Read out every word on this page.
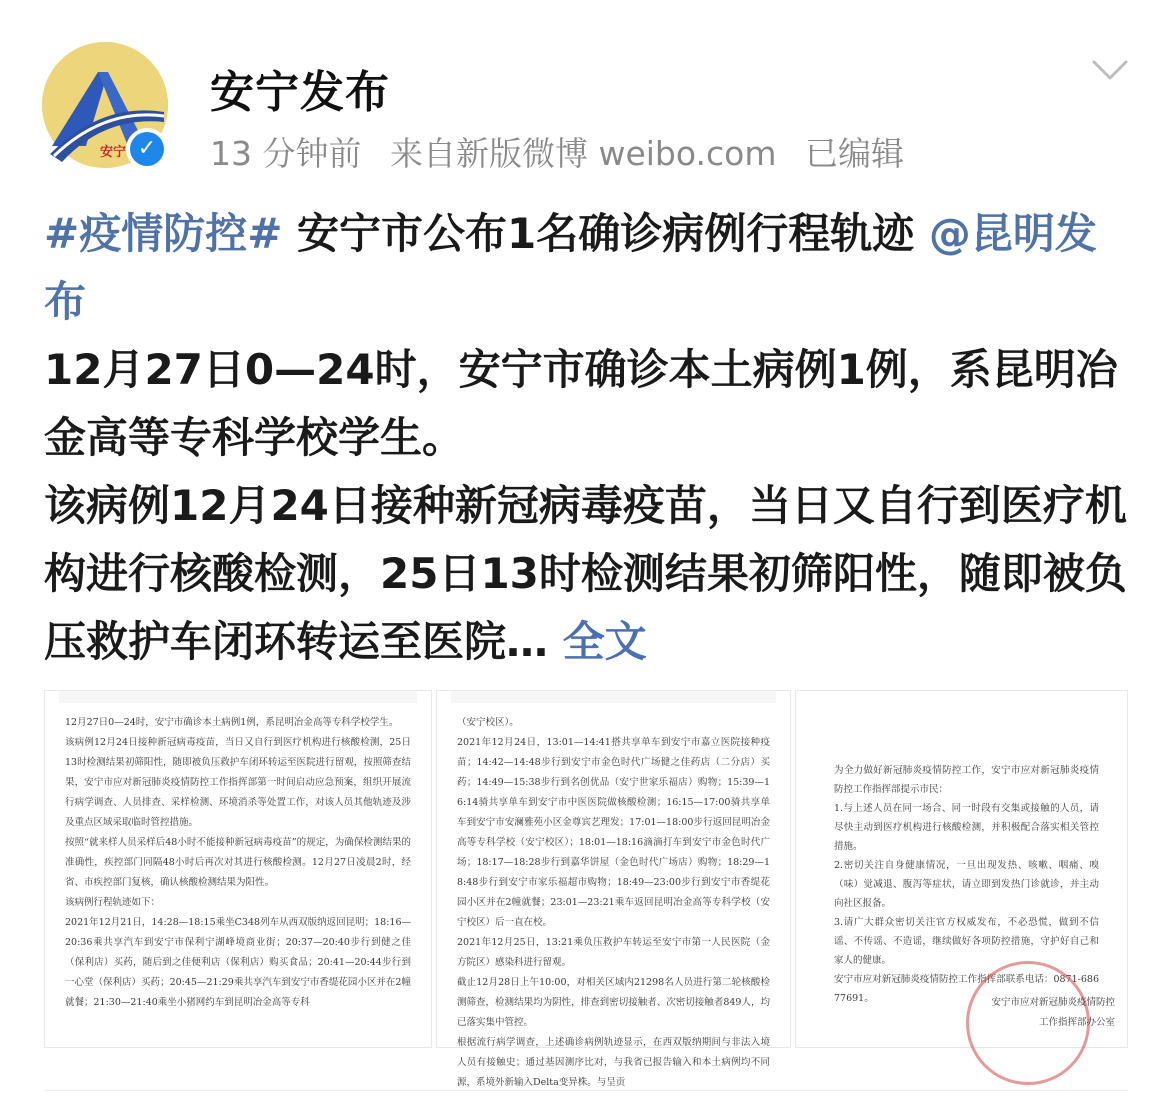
安宁 ✓
安宁发布
13 分钟前 来自新版微博 weibo.com 已编辑

#疫情防控# 安宁市公布1名确诊病例行程轨迹 @昆明发布

12月27日0—24时，安宁市确诊本土病例1例，系昆明冶金高等专科学校学生。

该病例12月24日接种新冠病毒疫苗，当日又自行到医疗机构进行核酸检测，25日13时检测结果初筛阳性，随即被负压救护车闭环转运至医院… 全文

12月27日0—24时，安宁市确诊本土病例1例，系昆明冶金高等专科学校学生。

该病例12月24日接种新冠病毒疫苗，当日又自行到医疗机构进行核酸检测，25日13时检测结果初筛阳性，随即被负压救护车闭环转运至医院进行留观，按照筛查结果，安宁市应对新冠肺炎疫情防控工作指挥部第一时间启动应急预案，组织开展流行病学调查、人员排查、采样检测、环境消杀等处置工作，对该人员其他轨迹及涉及重点区域采取临时管控措施。

按照“就来样人员采样后48小时不能接种新冠病毒疫苗”的规定，为确保检测结果的准确性，疾控部门同隔48小时后再次对其进行核酸检测。12月27日凌晨2时，经省、市疾控部门复核，确认核酸检测结果为阳性。

该病例行程轨迹如下：

2021年12月21日，14:28—18:15乘坐C348列车从西双版纳返回昆明；18:16—20:36乘共享汽车到安宁市保利宁湖峰境商业街；20:37—20:40步行到健之佳（保利店）买药，随后到之佳便利店（保利店）购买食品；20:41—20:44步行到一心堂（保利店）买药；20:45—21:29乘共享汽车到安宁市香缇花园小区并在2幢就餐；21:30—21:40乘坐小猪网约车到昆明冶金高等专科

（安宁校区）。

2021年12月24日，13:01—14:41搭共享单车到安宁市嘉立医院接种疫苗；14:42—14:48步行到安宁市金色时代广场健之佳药店（二分店）买药；14:49—15:38步行到名创优品（安宁世家乐福店）购物；15:39—16:14骑共享单车到安宁市中医医院做核酸检测；16:15—17:00骑共享单车到安宁市安澜雅苑小区金尊宾艺理发；17:01—18:00步行返回昆明冶金高等专科学校（安宁校区）；18:01—18:16滴滴打车到安宁市金色时代广场；18:17—18:28步行到嘉华饼屋（金色时代广场店）购物；18:29—18:48步行到安宁市家乐福超市购物；18:49—23:00步行到安宁市香缇花园小区并在2幢就餐；23:01—23:21乘车返回昆明冶金高等专科学校（安宁校区）后一直在校。

2021年12月25日，13:21乘负压救护车转运至安宁市第一人民医院（金方院区）感染科进行留观。

截止12月28日上午10:00，对相关区域内21298名人员进行第二轮核酸检测筛查，检测结果均为阴性，排查到密切接触者、次密切接触者849人，均已落实集中管控。

根据流行病学调查，上述确诊病例轨迹显示，在西双版纳期间与非法入境人员有接触史；通过基因测序比对，与我省已报告输入和本土病例均不同源，系境外新输入Delta变异株。与呈贡

为全力做好新冠肺炎疫情防控工作，安宁市应对新冠肺炎疫情防控工作指挥部提示市民：

1.与上述人员在同一场合、同一时段有交集或接触的人员，请尽快主动到医疗机构进行核酸检测，并积极配合落实相关管控措施。

2.密切关注自身健康情况，一旦出现发热、咳嗽、咽痛、嗅（味）觉减退、腹泻等症状，请立即到发热门诊就诊，并主动向社区报备。

3.请广大群众密切关注官方权威发布，不必恐慌，做到不信谣、不传谣、不造谣，继续做好各项防控措施，守护好自己和家人的健康。

安宁市应对新冠肺炎疫情防控工作指挥部联系电话：0871-68677691。	安宁市应对新冠肺炎疫情防控
工作指挥部办公室
